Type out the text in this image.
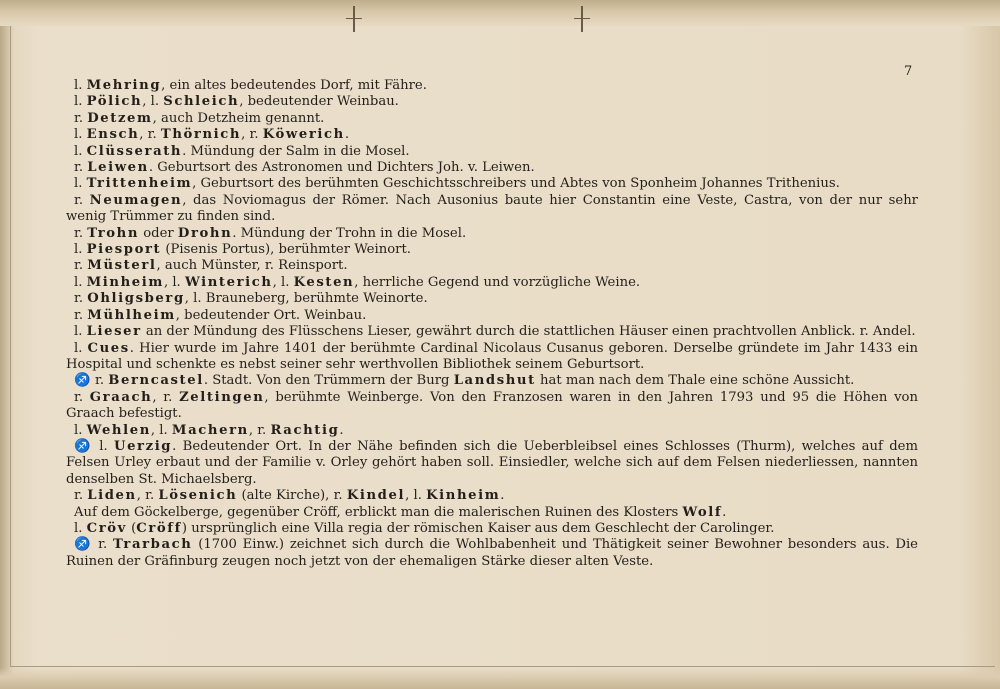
7

l. Mehring, ein altes bedeutendes Dorf, mit Fähre.

l. Pölich, l. Schleich, bedeutender Weinbau.

r. Detzem, auch Detzheim genannt.

l. Ensch, r. Thörnich, r. Köwerich.

l. Clüsserath. Mündung der Salm in die Mosel.

r. Leiwen. Geburtsort des Astronomen und Dichters Joh. v. Leiwen.

l. Trittenheim, Geburtsort des berühmten Geschichtsschreibers und Abtes von Sponheim Johannes Trithenius.

r. Neumagen, das Noviomagus der Römer. Nach Ausonius baute hier Constantin eine Veste, Castra, von der nur sehr wenig Trümmer zu finden sind.

r. Trohn oder Drohn. Mündung der Trohn in die Mosel.

l. Piesport (Pisenis Portus), berühmter Weinort.

r. Müsterl, auch Münster, r. Reinsport.

l. Minheim, l. Winterich, l. Kesten, herrliche Gegend und vorzügliche Weine.

r. Ohligsberg, l. Brauneberg, berühmte Weinorte.

r. Mühlheim, bedeutender Ort. Weinbau.

l. Lieser an der Mündung des Flüsschens Lieser, gewährt durch die stattlichen Häuser einen prachtvollen Anblick. r. Andel.

l. Cues. Hier wurde im Jahre 1401 der berühmte Cardinal Nicolaus Cusanus geboren. Derselbe gründete im Jahr 1433 ein Hospital und schenkte es nebst seiner sehr werthvollen Bibliothek seinem Geburtsort.

♐ r. Berncastel. Stadt. Von den Trümmern der Burg Landshut hat man nach dem Thale eine schöne Aussicht.

r. Graach, r. Zeltingen, berühmte Weinberge. Von den Franzosen waren in den Jahren 1793 und 95 die Höhen von Graach befestigt.

l. Wehlen, l. Machern, r. Rachtig.

♐ l. Uerzig. Bedeutender Ort. In der Nähe befinden sich die Ueberbleibsel eines Schlosses (Thurm), welches auf dem Felsen Urley erbaut und der Familie v. Orley gehört haben soll. Einsiedler, welche sich auf dem Felsen niederliessen, nannten denselben St. Michaelsberg.

r. Liden, r. Lösenich (alte Kirche), r. Kindel, l. Kinheim.

Auf dem Göckelberge, gegenüber Cröff, erblickt man die malerischen Ruinen des Klosters Wolf.

l. Cröv (Cröff) ursprünglich eine Villa regia der römischen Kaiser aus dem Geschlecht der Carolinger.

♐ r. Trarbach (1700 Einw.) zeichnet sich durch die Wohlbabenheit und Thätigkeit seiner Bewohner besonders aus. Die Ruinen der Gräfinburg zeugen noch jetzt von der ehemaligen Stärke dieser alten Veste.
